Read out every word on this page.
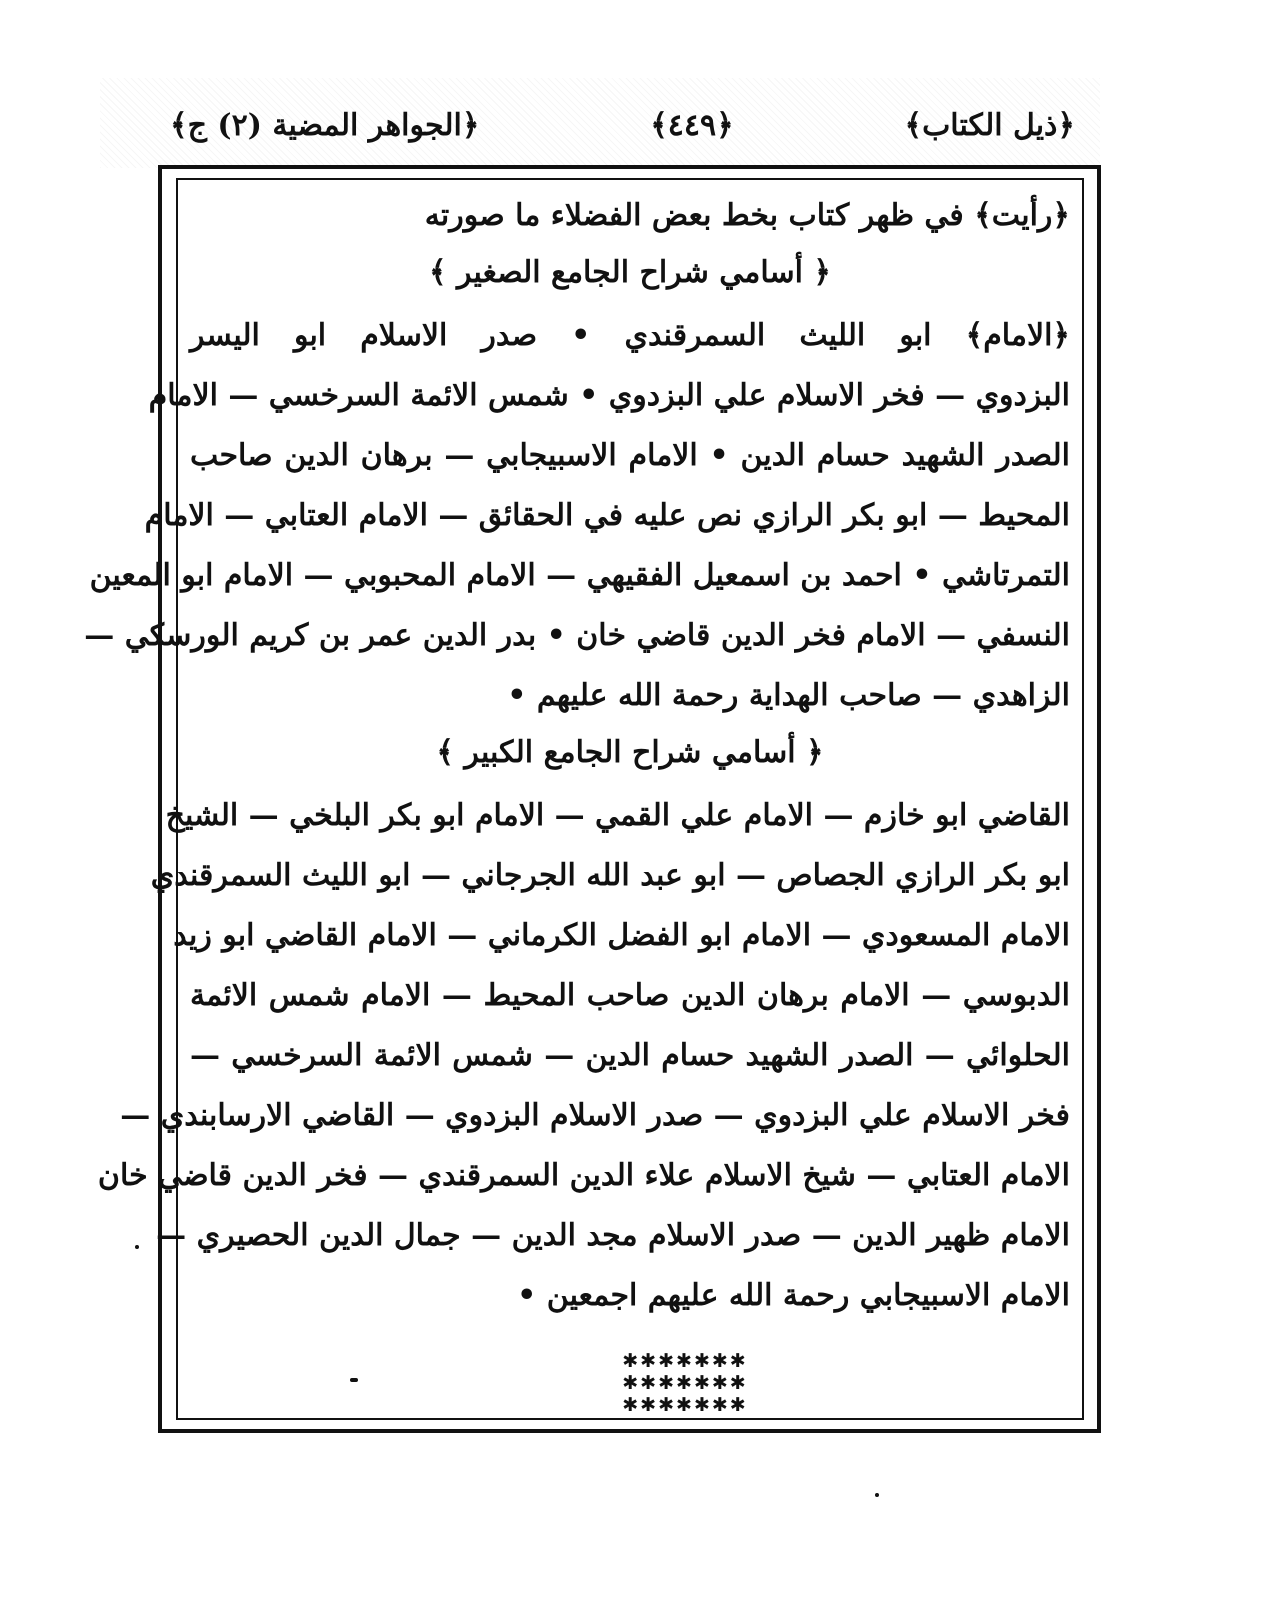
﴿ذيل الكتاب﴾
﴿٤٤٩﴾
﴿الجواهر المضية (٢) ج﴾
﴿رأيت﴾ في ظهر كتاب بخط بعض الفضلاء ما صورته
﴿ أسامي شراح الجامع الصغير ﴾
﴿الامام﴾ ابو الليث السمرقندي • صدر الاسلام ابو اليسر
البزدوي — فخر الاسلام علي البزدوي • شمس الائمة السرخسي — الامام
الصدر الشهيد حسام الدين • الامام الاسبيجابي — برهان الدين صاحب
المحيط — ابو بكر الرازي نص عليه في الحقائق — الامام العتابي — الامام
التمرتاشي • احمد بن اسمعيل الفقيهي — الامام المحبوبي — الامام ابو المعين
النسفي — الامام فخر الدين قاضي خان • بدر الدين عمر بن كريم الورسكي —
الزاهدي — صاحب الهداية رحمة الله عليهم •
﴿ أسامي شراح الجامع الكبير ﴾
القاضي ابو خازم — الامام علي القمي — الامام ابو بكر البلخي — الشيخ
ابو بكر الرازي الجصاص — ابو عبد الله الجرجاني — ابو الليث السمرقندي
الامام المسعودي — الامام ابو الفضل الكرماني — الامام القاضي ابو زيد
الدبوسي — الامام برهان الدين صاحب المحيط — الامام شمس الائمة
الحلوائي — الصدر الشهيد حسام الدين — شمس الائمة السرخسي —
فخر الاسلام علي البزدوي — صدر الاسلام البزدوي — القاضي الارسابندي —
الامام العتابي — شيخ الاسلام علاء الدين السمرقندي — فخر الدين قاضي خان
الامام ظهير الدين — صدر الاسلام مجد الدين — جمال الدين الحصيري —
الامام الاسبيجابي رحمة الله عليهم اجمعين •
✱✱✱✱✱✱✱
✱✱✱✱✱✱✱
✱✱✱✱✱✱✱
